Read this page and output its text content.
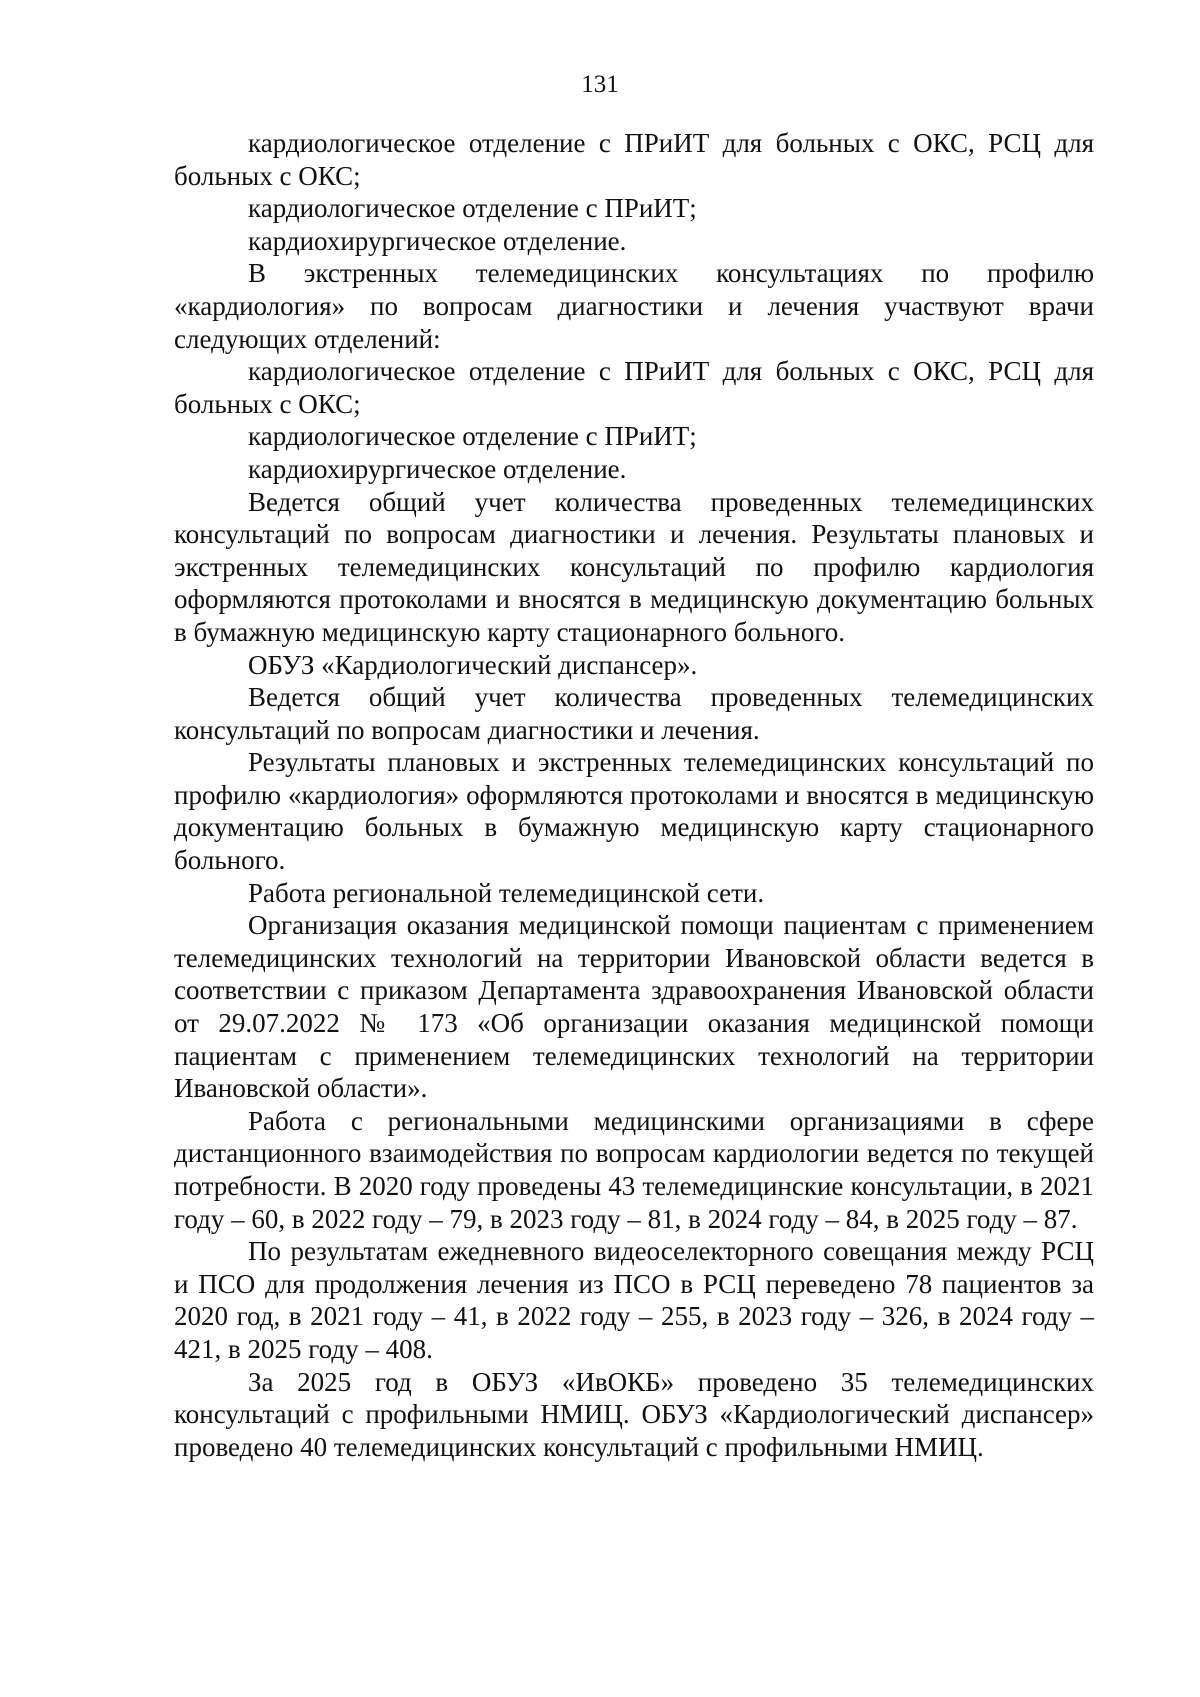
131

кардиологическое отделение с ПРиИТ для больных с ОКС, РСЦ для больных с ОКС;

кардиологическое отделение с ПРиИТ;

кардиохирургическое отделение.

В экстренных телемедицинских консультациях по профилю «кардиология» по вопросам диагностики и лечения участвуют врачи следующих отделений:

кардиологическое отделение с ПРиИТ для больных с ОКС, РСЦ для больных с ОКС;

кардиологическое отделение с ПРиИТ;

кардиохирургическое отделение.

Ведется общий учет количества проведенных телемедицинских консультаций по вопросам диагностики и лечения. Результаты плановых и экстренных телемедицинских консультаций по профилю кардиология оформляются протоколами и вносятся в медицинскую документацию больных в бумажную медицинскую карту стационарного больного.

ОБУЗ «Кардиологический диспансер».

Ведется общий учет количества проведенных телемедицинских консультаций по вопросам диагностики и лечения.

Результаты плановых и экстренных телемедицинских консультаций по профилю «кардиология» оформляются протоколами и вносятся в медицинскую документацию больных в бумажную медицинскую карту стационарного больного.

Работа региональной телемедицинской сети.

Организация оказания медицинской помощи пациентам с применением телемедицинских технологий на территории Ивановской области ведется в соответствии с приказом Департамента здравоохранения Ивановской области от 29.07.2022 № 173 «Об организации оказания медицинской помощи пациентам с применением телемедицинских технологий на территории Ивановской области».

Работа с региональными медицинскими организациями в сфере дистанционного взаимодействия по вопросам кардиологии ведется по текущей потребности. В 2020 году проведены 43 телемедицинские консультации, в 2021 году – 60, в 2022 году – 79, в 2023 году – 81, в 2024 году – 84, в 2025 году – 87.

По результатам ежедневного видеоселекторного совещания между РСЦ и ПСО для продолжения лечения из ПСО в РСЦ переведено 78 пациентов за 2020 год, в 2021 году – 41, в 2022 году – 255, в 2023 году – 326, в 2024 году – 421, в 2025 году – 408.

За 2025 год в ОБУЗ «ИвОКБ» проведено 35 телемедицинских консультаций с профильными НМИЦ. ОБУЗ «Кардиологический диспансер» проведено 40 телемедицинских консультаций с профильными НМИЦ.
